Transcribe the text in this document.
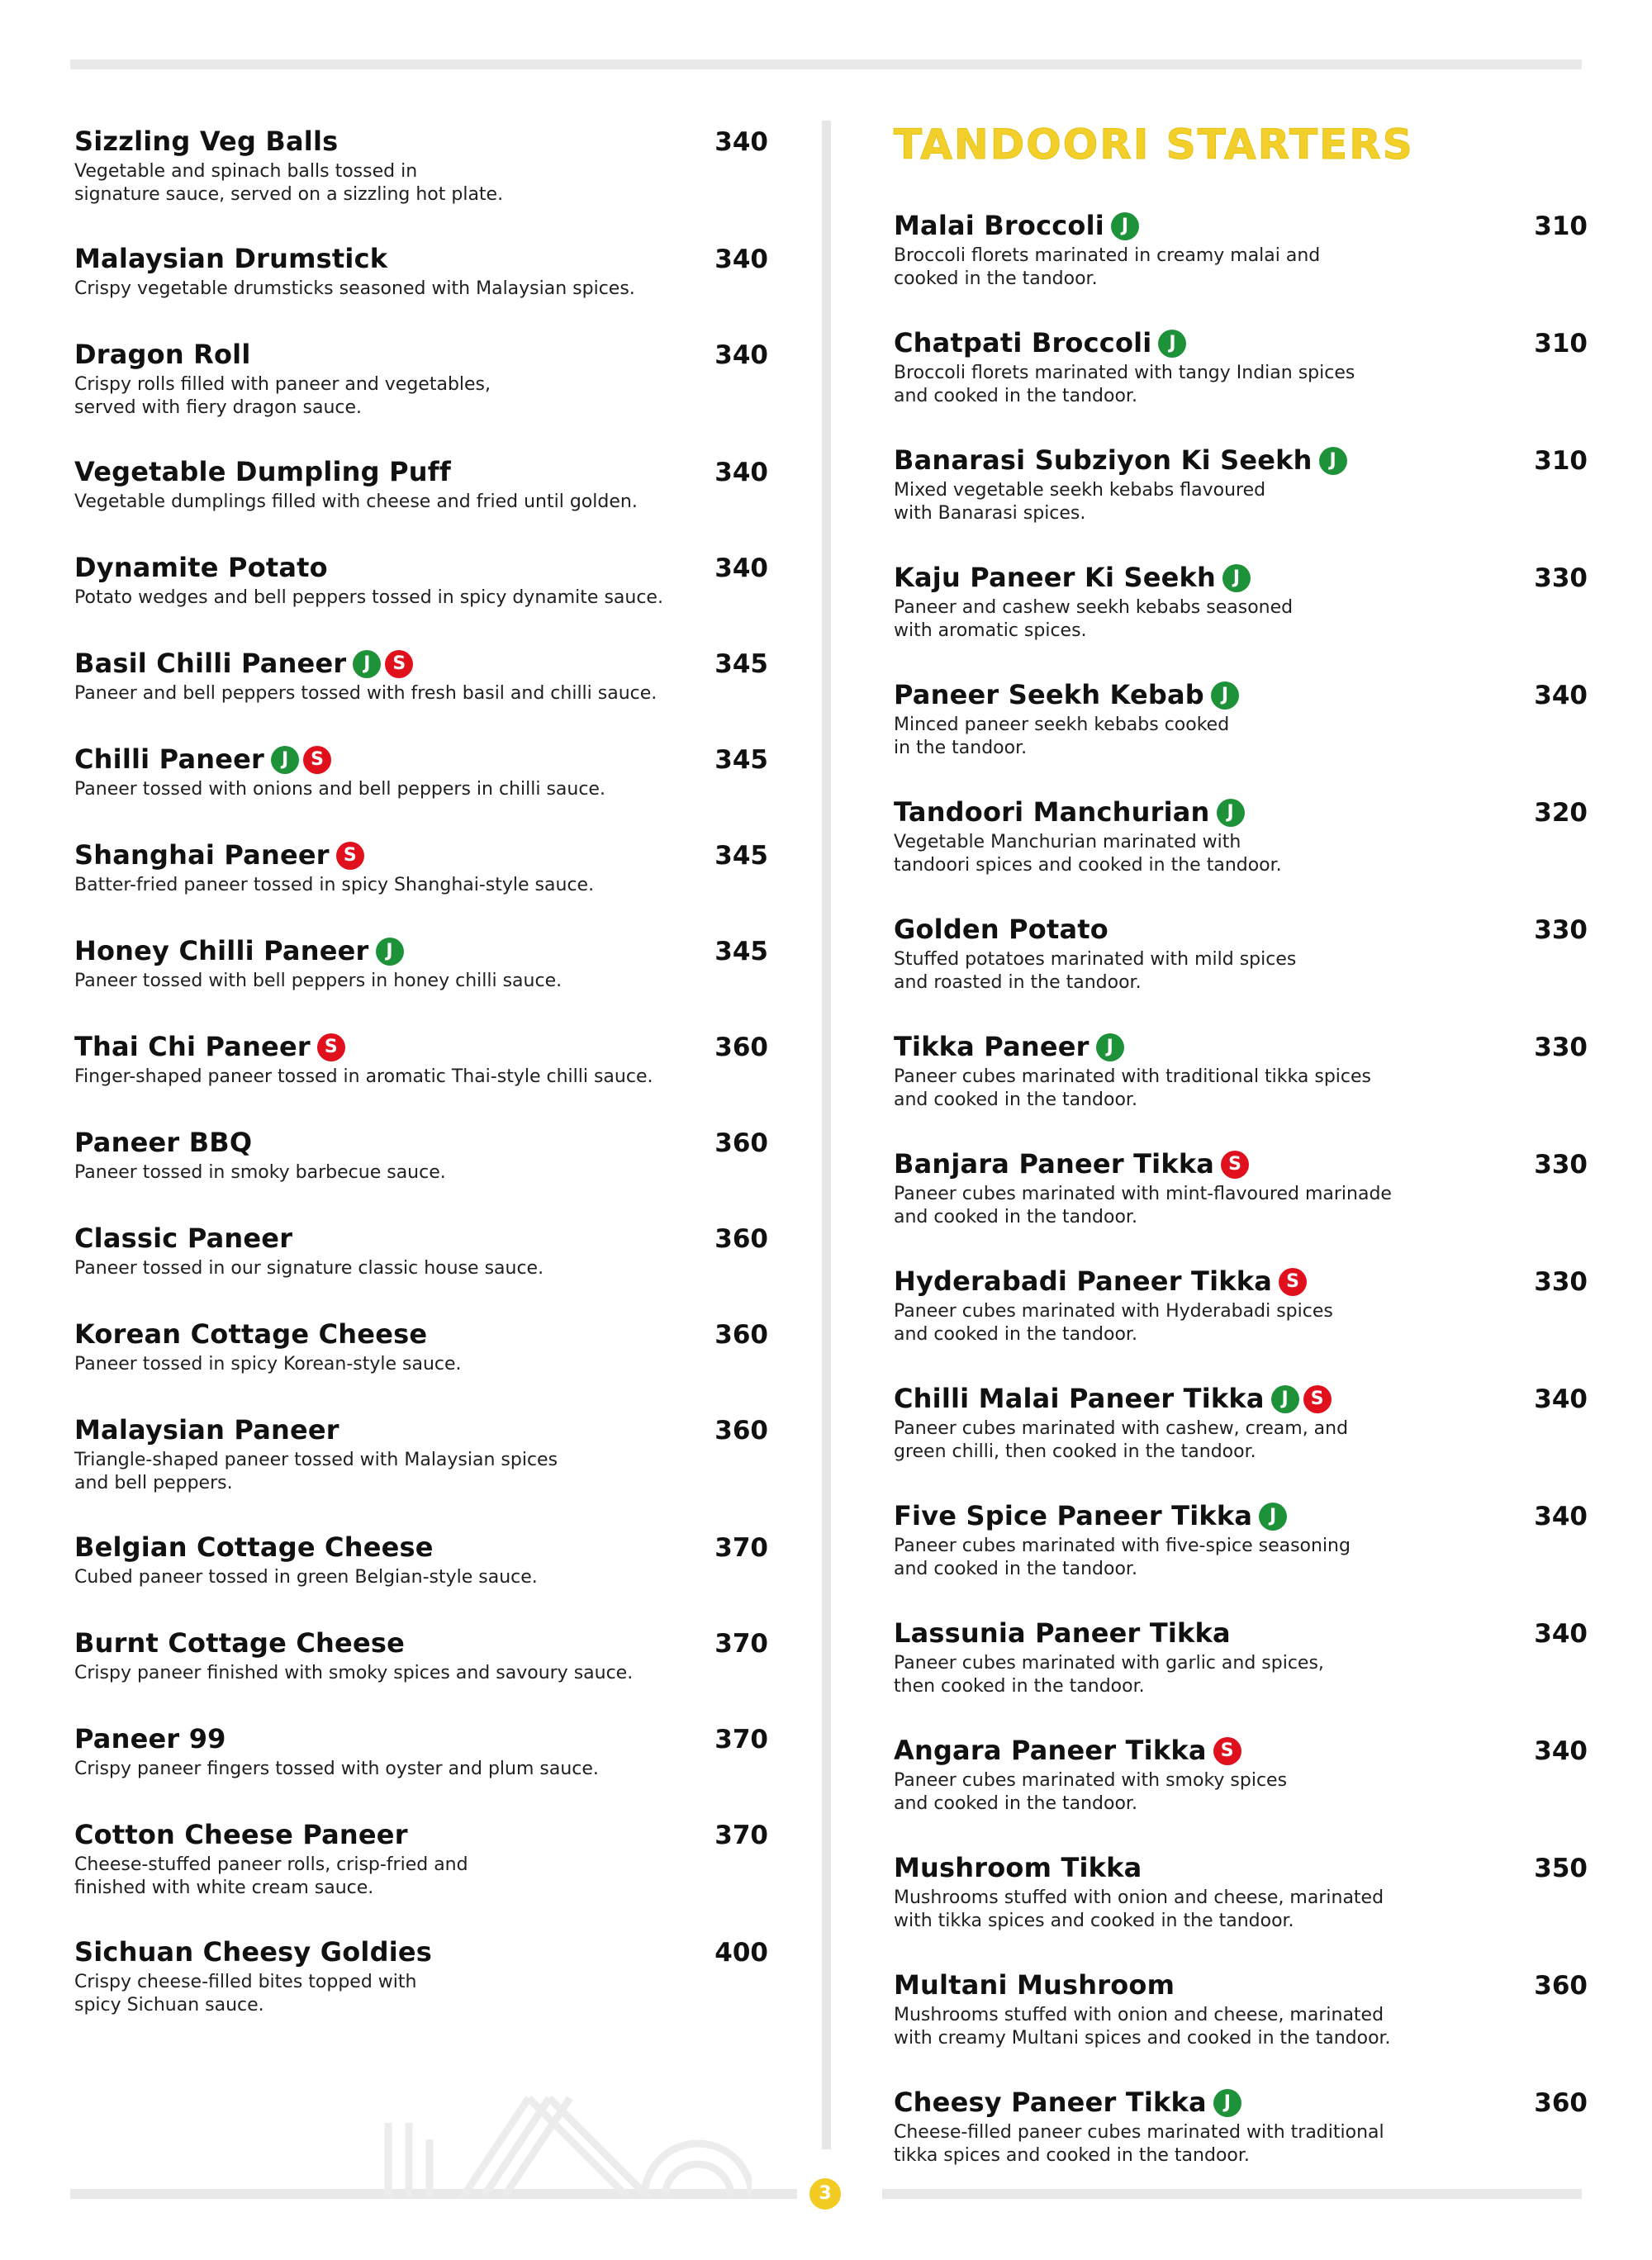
Sizzling Veg Balls	340
Vegetable and spinach balls tossed in
signature sauce, served on a sizzling hot plate.
Malaysian Drumstick	340
Crispy vegetable drumsticks seasoned with Malaysian spices.
Dragon Roll	340
Crispy rolls filled with paneer and vegetables,
served with fiery dragon sauce.
Vegetable Dumpling Puff	340
Vegetable dumplings filled with cheese and fried until golden.
Dynamite Potato	340
Potato wedges and bell peppers tossed in spicy dynamite sauce.
Basil Chilli Paneer J S	345
Paneer and bell peppers tossed with fresh basil and chilli sauce.
Chilli Paneer J S	345
Paneer tossed with onions and bell peppers in chilli sauce.
Shanghai Paneer S	345
Batter-fried paneer tossed in spicy Shanghai-style sauce.
Honey Chilli Paneer J	345
Paneer tossed with bell peppers in honey chilli sauce.
Thai Chi Paneer S	360
Finger-shaped paneer tossed in aromatic Thai-style chilli sauce.
Paneer BBQ	360
Paneer tossed in smoky barbecue sauce.
Classic Paneer	360
Paneer tossed in our signature classic house sauce.
Korean Cottage Cheese	360
Paneer tossed in spicy Korean-style sauce.
Malaysian Paneer	360
Triangle-shaped paneer tossed with Malaysian spices
and bell peppers.
Belgian Cottage Cheese	370
Cubed paneer tossed in green Belgian-style sauce.
Burnt Cottage Cheese	370
Crispy paneer finished with smoky spices and savoury sauce.
Paneer 99	370
Crispy paneer fingers tossed with oyster and plum sauce.
Cotton Cheese Paneer	370
Cheese-stuffed paneer rolls, crisp-fried and
finished with white cream sauce.
Sichuan Cheesy Goldies	400
Crispy cheese-filled bites topped with
spicy Sichuan sauce.
TANDOORI STARTERS
Malai Broccoli J	310
Broccoli florets marinated in creamy malai and
cooked in the tandoor.
Chatpati Broccoli J	310
Broccoli florets marinated with tangy Indian spices
and cooked in the tandoor.
Banarasi Subziyon Ki Seekh J	310
Mixed vegetable seekh kebabs flavoured
with Banarasi spices.
Kaju Paneer Ki Seekh J	330
Paneer and cashew seekh kebabs seasoned
with aromatic spices.
Paneer Seekh Kebab J	340
Minced paneer seekh kebabs cooked
in the tandoor.
Tandoori Manchurian J	320
Vegetable Manchurian marinated with
tandoori spices and cooked in the tandoor.
Golden Potato	330
Stuffed potatoes marinated with mild spices
and roasted in the tandoor.
Tikka Paneer J	330
Paneer cubes marinated with traditional tikka spices
and cooked in the tandoor.
Banjara Paneer Tikka S	330
Paneer cubes marinated with mint-flavoured marinade
and cooked in the tandoor.
Hyderabadi Paneer Tikka S	330
Paneer cubes marinated with Hyderabadi spices
and cooked in the tandoor.
Chilli Malai Paneer Tikka J S	340
Paneer cubes marinated with cashew, cream, and
green chilli, then cooked in the tandoor.
Five Spice Paneer Tikka J	340
Paneer cubes marinated with five-spice seasoning
and cooked in the tandoor.
Lassunia Paneer Tikka	340
Paneer cubes marinated with garlic and spices,
then cooked in the tandoor.
Angara Paneer Tikka S	340
Paneer cubes marinated with smoky spices
and cooked in the tandoor.
Mushroom Tikka	350
Mushrooms stuffed with onion and cheese, marinated
with tikka spices and cooked in the tandoor.
Multani Mushroom	360
Mushrooms stuffed with onion and cheese, marinated
with creamy Multani spices and cooked in the tandoor.
Cheesy Paneer Tikka J	360
Cheese-filled paneer cubes marinated with traditional
tikka spices and cooked in the tandoor.
3
